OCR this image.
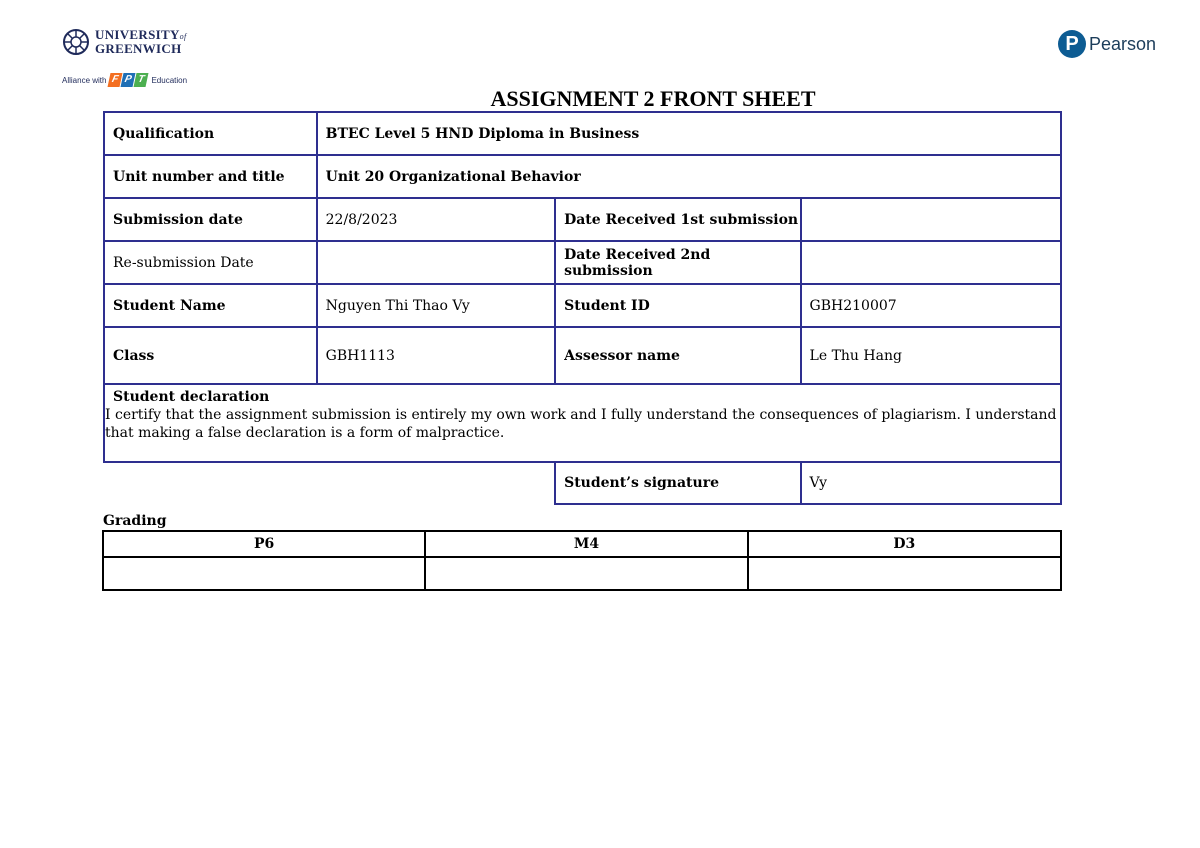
UNIVERSITYof
GREENWICH
Alliance with F P T Education
P Pearson
ASSIGNMENT 2 FRONT SHEET
Qualification	BTEC Level 5 HND Diploma in Business		
Unit number and title	Unit 20 Organizational Behavior		
Submission date	22/8/2023	Date Received 1st submission	
Re-submission Date		Date Received 2nd submission	
Student Name	Nguyen Thi Thao Vy	Student ID	GBH210007
Class	GBH1113	Assessor name	Le Thu Hang

Student declaration
I certify that the assignment submission is entirely my own work and I fully understand the consequences of plagiarism. I understand that making a false declaration is a form of malpractice.			

		Student’s signature	Vy
Grading
P6	M4	D3
